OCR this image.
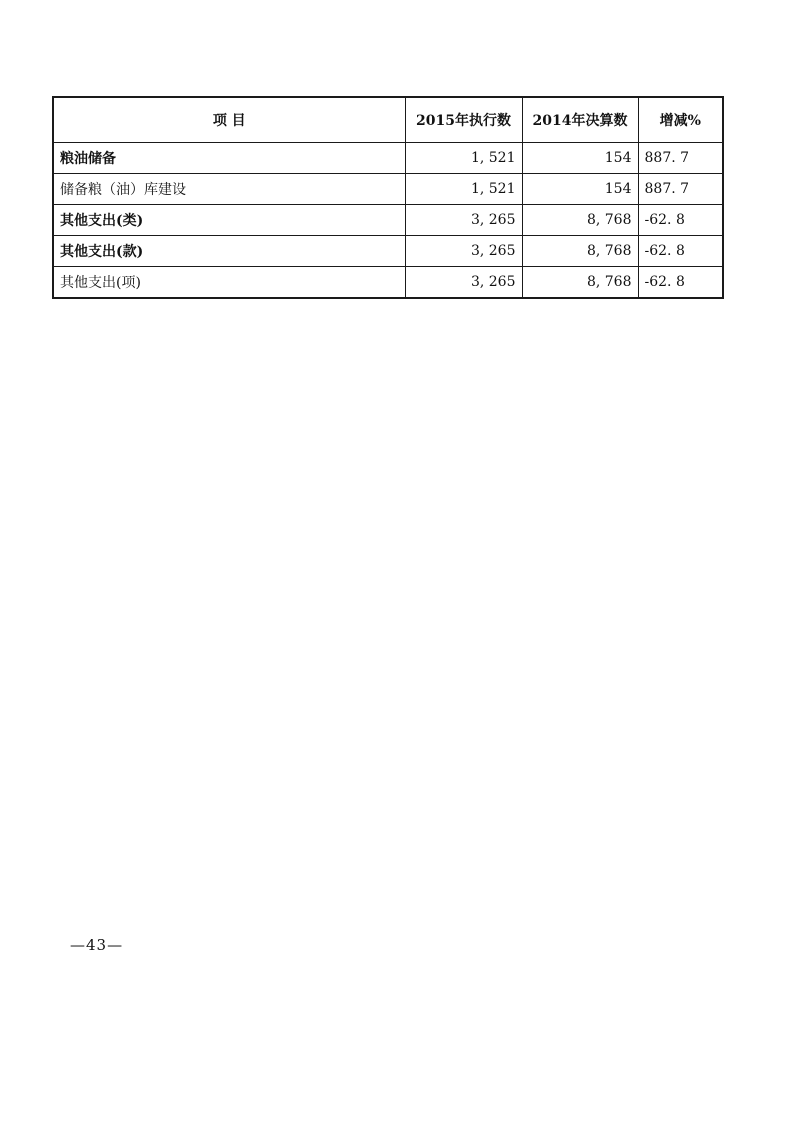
项 目	2015年执行数	2014年决算数	增减%
粮油储备	1, 521	154	887. 7
储备粮（油）库建设	1, 521	154	887. 7
其他支出(类)	3, 265	8, 768	-62. 8
其他支出(款)	3, 265	8, 768	-62. 8
其他支出(项)	3, 265	8, 768	-62. 8
—43—
